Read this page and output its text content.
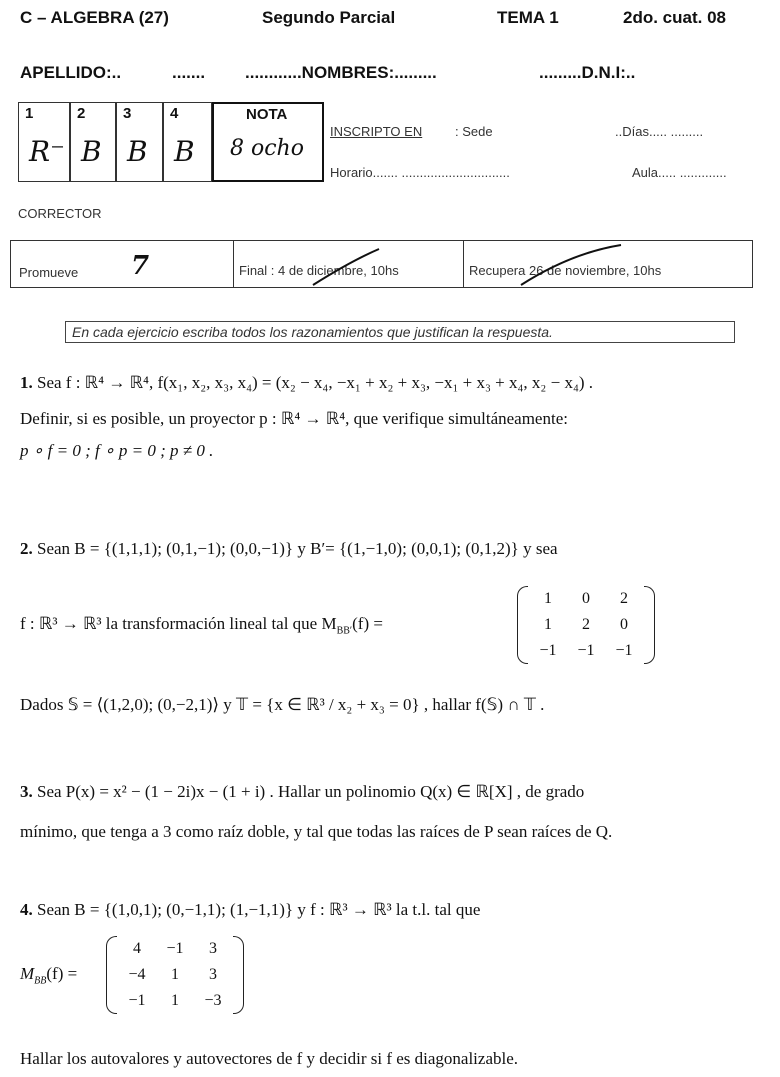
C – ALGEBRA (27)	Segundo Parcial	TEMA 1	2do. cuat. 08
APELLIDO:..	....... ............NOMBRES:.........	.........D.N.I:..
1
R⁻
2
B
3
B
4
B
NOTA
8 ocho
INSCRIPTO EN	: Sede	..Días..... .........
Horario....... ..............................	Aula..... .............
CORRECTOR
Promueve 7	Final : 4 de diciembre, 10hs	Recupera 26 de noviembre, 10hs
En cada ejercicio escriba todos los razonamientos que justifican la respuesta.
1. Sea f : ℝ⁴ → ℝ⁴, f(x₁, x₂, x₃, x₄) = (x₂ − x₄, −x₁ + x₂ + x₃, −x₁ + x₃ + x₄, x₂ − x₄) .
Definir, si es posible, un proyector p : ℝ⁴ → ℝ⁴, que verifique simultáneamente:
p ∘ f = 0 ; f ∘ p = 0 ; p ≠ 0 .
2. Sean B = {(1,1,1); (0,1,−1); (0,0,−1)} y B′= {(1,−1,0); (0,0,1); (0,1,2)} y sea
f : ℝ³ → ℝ³ la transformación lineal tal que $M_{BB'}(f)$ =
1	0	2
1	2	0
−1	−1	−1
Dados 𝕊 = ⟨(1,2,0); (0,−2,1)⟩ y 𝕋 = {x ∈ ℝ³ / x₂ + x₃ = 0} , hallar f(𝕊) ∩ 𝕋 .
3. Sea P(x) = x² − (1 − 2i)x − (1 + i) . Hallar un polinomio Q(x) ∈ ℝ[X] , de grado
mínimo, que tenga a 3 como raíz doble, y tal que todas las raíces de P sean raíces de Q.
4. Sean B = {(1,0,1); (0,−1,1); (1,−1,1)} y f : ℝ³ → ℝ³ la t.l. tal que
$M_{BB}(f)$ =
4	−1	3
−4	1	3
−1	1	−3
Hallar los autovalores y autovectores de f y decidir si f es diagonalizable.
